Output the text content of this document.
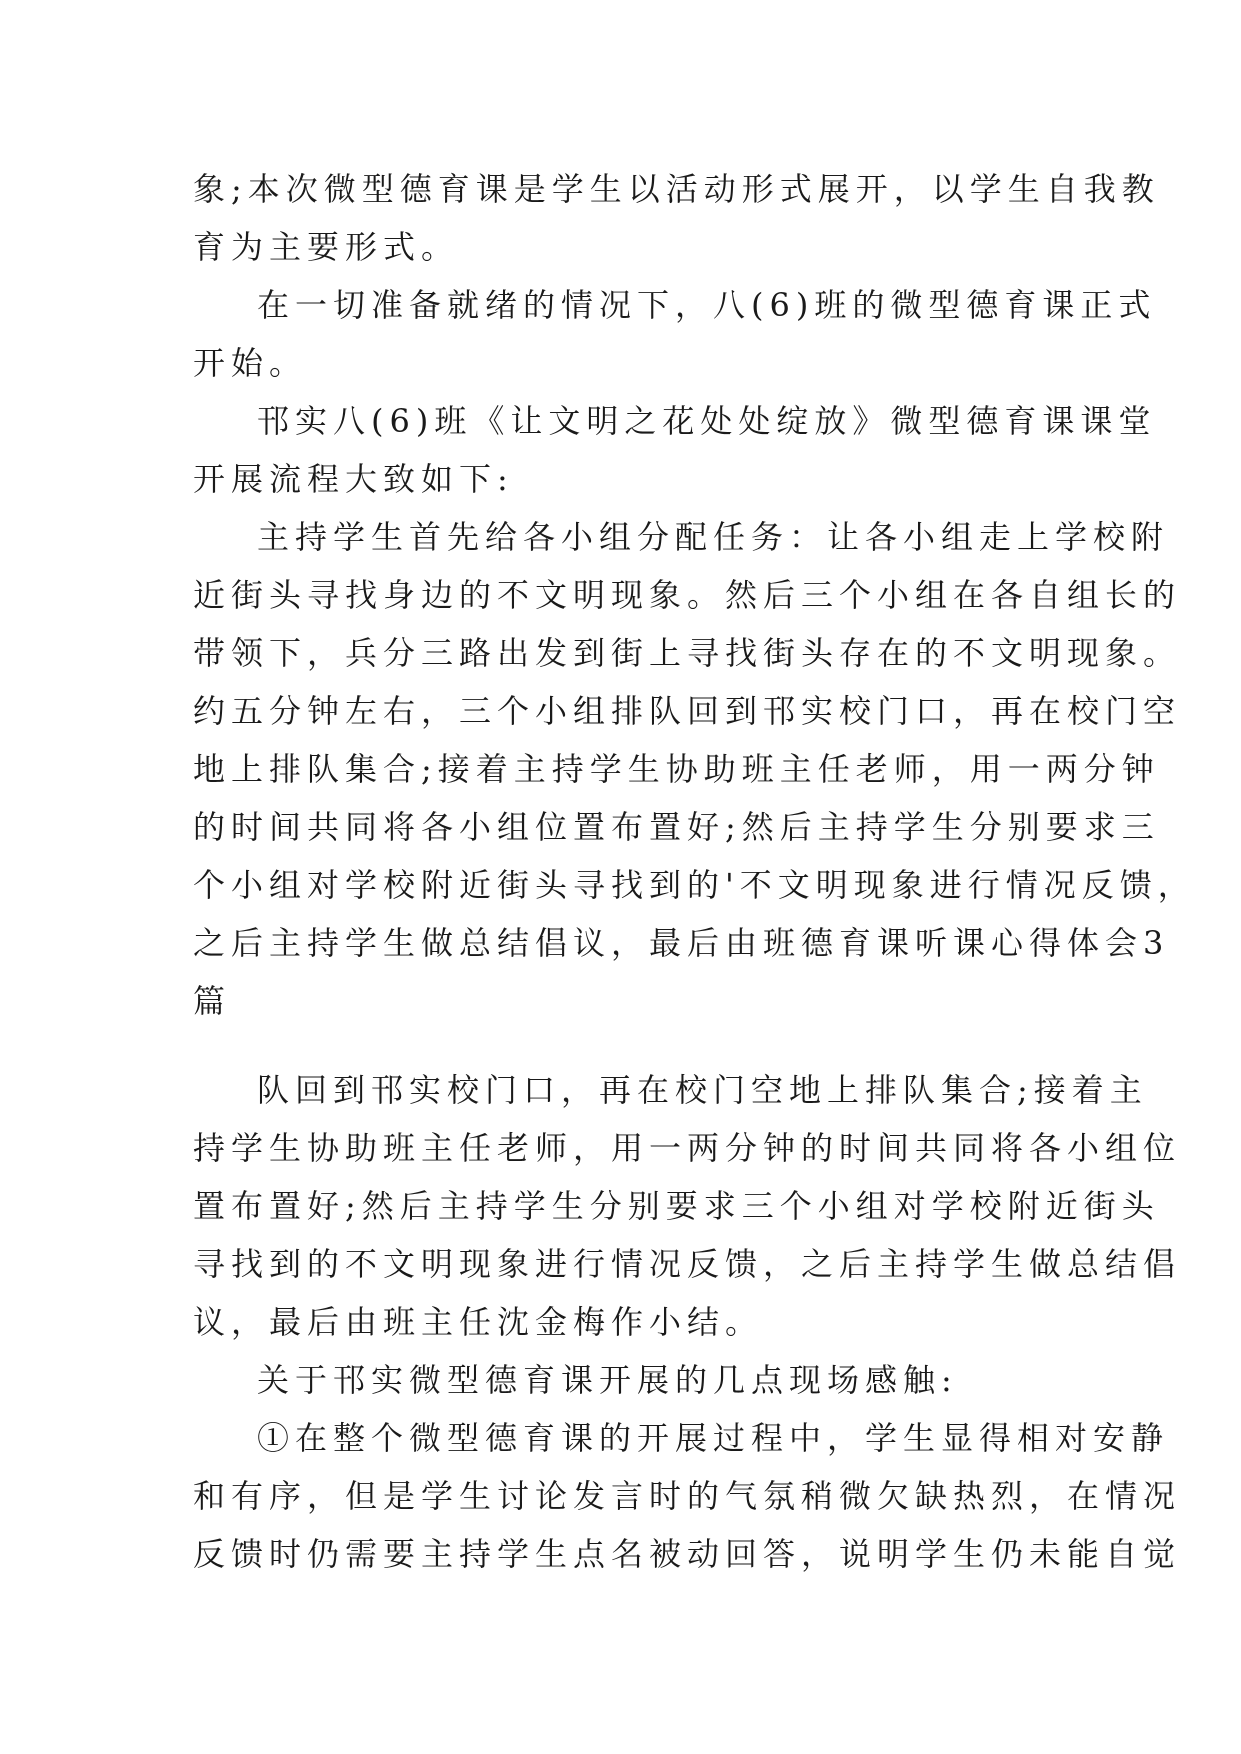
象;本次微型德育课是学生以活动形式展开，以学生自我教
育为主要形式。
在一切准备就绪的情况下，八(6)班的微型德育课正式
开始。
邗实八(6)班《让文明之花处处绽放》微型德育课课堂
开展流程大致如下:
主持学生首先给各小组分配任务：让各小组走上学校附
近街头寻找身边的不文明现象。然后三个小组在各自组长的
带领下，兵分三路出发到街上寻找街头存在的不文明现象。
约五分钟左右，三个小组排队回到邗实校门口，再在校门空
地上排队集合;接着主持学生协助班主任老师，用一两分钟
的时间共同将各小组位置布置好;然后主持学生分别要求三
个小组对学校附近街头寻找到的'不文明现象进行情况反馈，
之后主持学生做总结倡议，最后由班德育课听课心得体会3
篇
队回到邗实校门口，再在校门空地上排队集合;接着主
持学生协助班主任老师，用一两分钟的时间共同将各小组位
置布置好;然后主持学生分别要求三个小组对学校附近街头
寻找到的不文明现象进行情况反馈，之后主持学生做总结倡
议，最后由班主任沈金梅作小结。
关于邗实微型德育课开展的几点现场感触:
①在整个微型德育课的开展过程中，学生显得相对安静
和有序，但是学生讨论发言时的气氛稍微欠缺热烈，在情况
反馈时仍需要主持学生点名被动回答，说明学生仍未能自觉
